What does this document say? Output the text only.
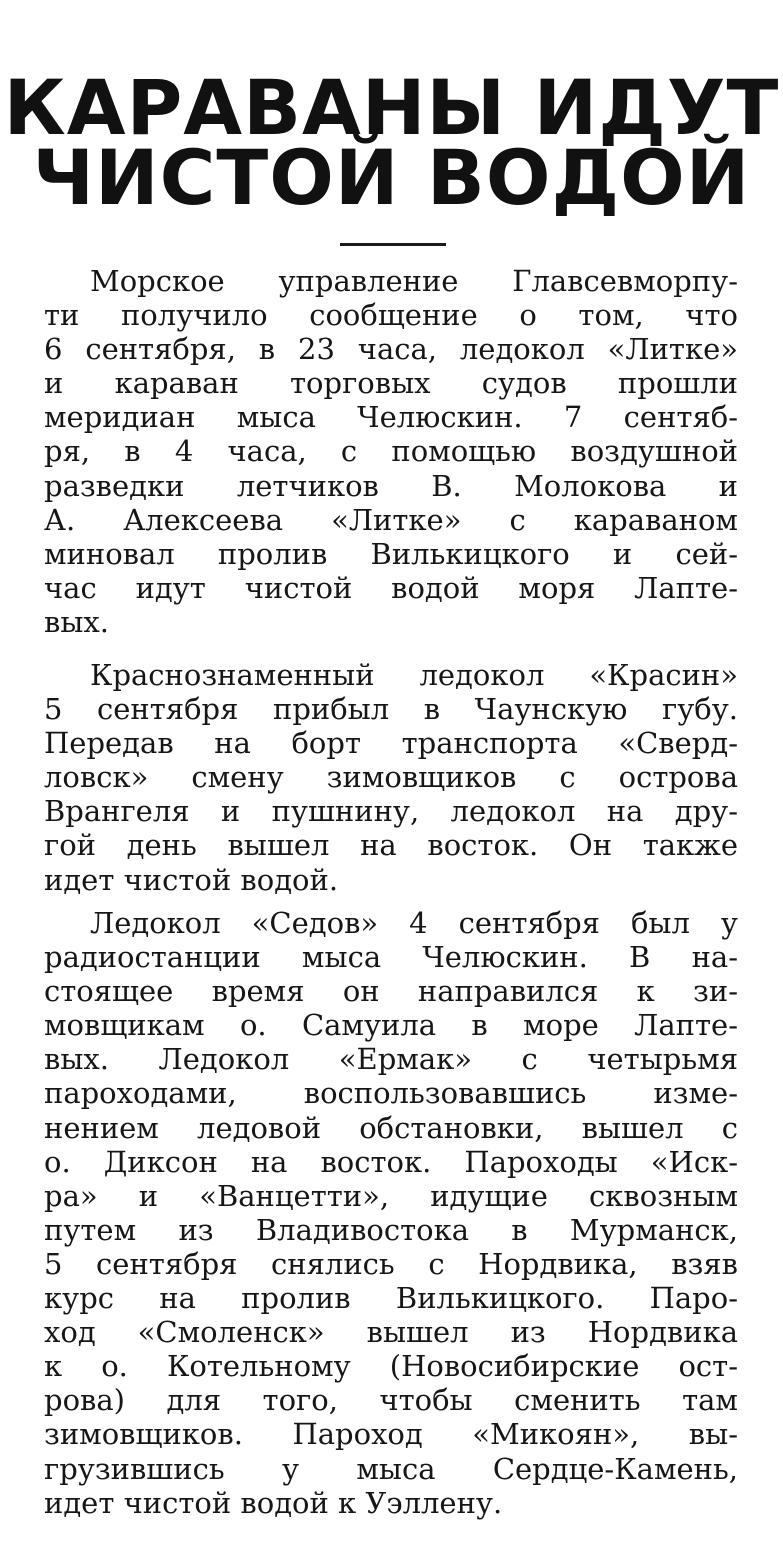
КАРАВАНЫ ИДУТ
ЧИСТОЙ ВОДОЙ
Морское управление Главсевморпу-
ти получило сообщение о том, что
6 сентября, в 23 часа, ледокол «Литке»
и караван торговых судов прошли
меридиан мыса Челюскин. 7 сентяб-
ря, в 4 часа, с помощью воздушной
разведки летчиков В. Молокова и
А. Алексеева «Литке» с караваном
миновал пролив Вилькицкого и сей-
час идут чистой водой моря Лапте-
вых.
Краснознаменный ледокол «Красин»
5 сентября прибыл в Чаунскую губу.
Передав на борт транспорта «Сверд-
ловск» смену зимовщиков с острова
Врангеля и пушнину, ледокол на дру-
гой день вышел на восток. Он также
идет чистой водой.
Ледокол «Седов» 4 сентября был у
радиостанции мыса Челюскин. В на-
стоящее время он направился к зи-
мовщикам о. Самуила в море Лапте-
вых. Ледокол «Ермак» с четырьмя
пароходами, воспользовавшись изме-
нением ледовой обстановки, вышел с
о. Диксон на восток. Пароходы «Иск-
ра» и «Ванцетти», идущие сквозным
путем из Владивостока в Мурманск,
5 сентября снялись с Нордвика, взяв
курс на пролив Вилькицкого. Паро-
ход «Смоленск» вышел из Нордвика
к о. Котельному (Новосибирские ост-
рова) для того, чтобы сменить там
зимовщиков. Пароход «Микоян», вы-
грузившись у мыса Сердце-Камень,
идет чистой водой к Уэллену.
